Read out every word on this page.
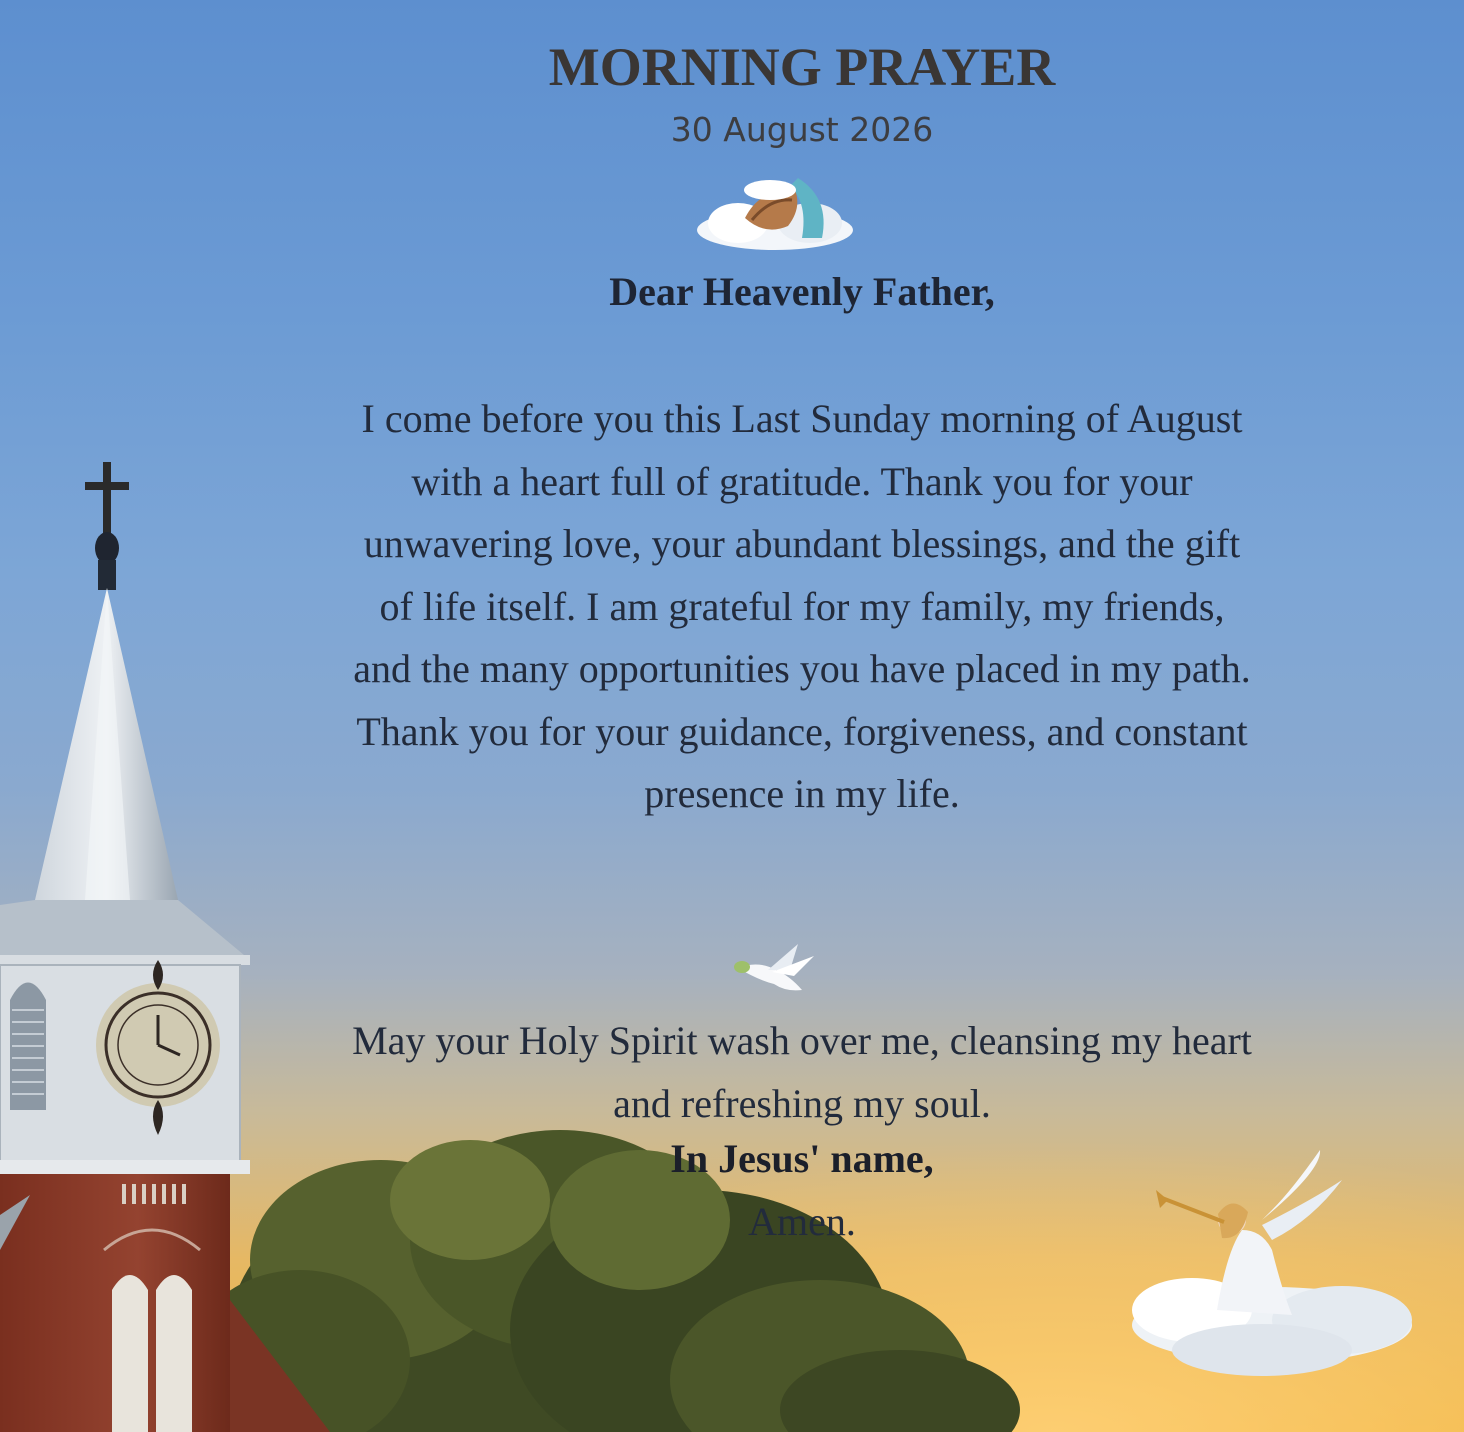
MORNING PRAYER
30 August 2026
Dear Heavenly Father,
I come before you this Last Sunday morning of August with a heart full of gratitude. Thank you for your unwavering love, your abundant blessings, and the gift of life itself. I am grateful for my family, my friends, and the many opportunities you have placed in my path. Thank you for your guidance, forgiveness, and constant presence in my life.
May your Holy Spirit wash over me, cleansing my heart and refreshing my soul.
In Jesus' name,
Amen.
